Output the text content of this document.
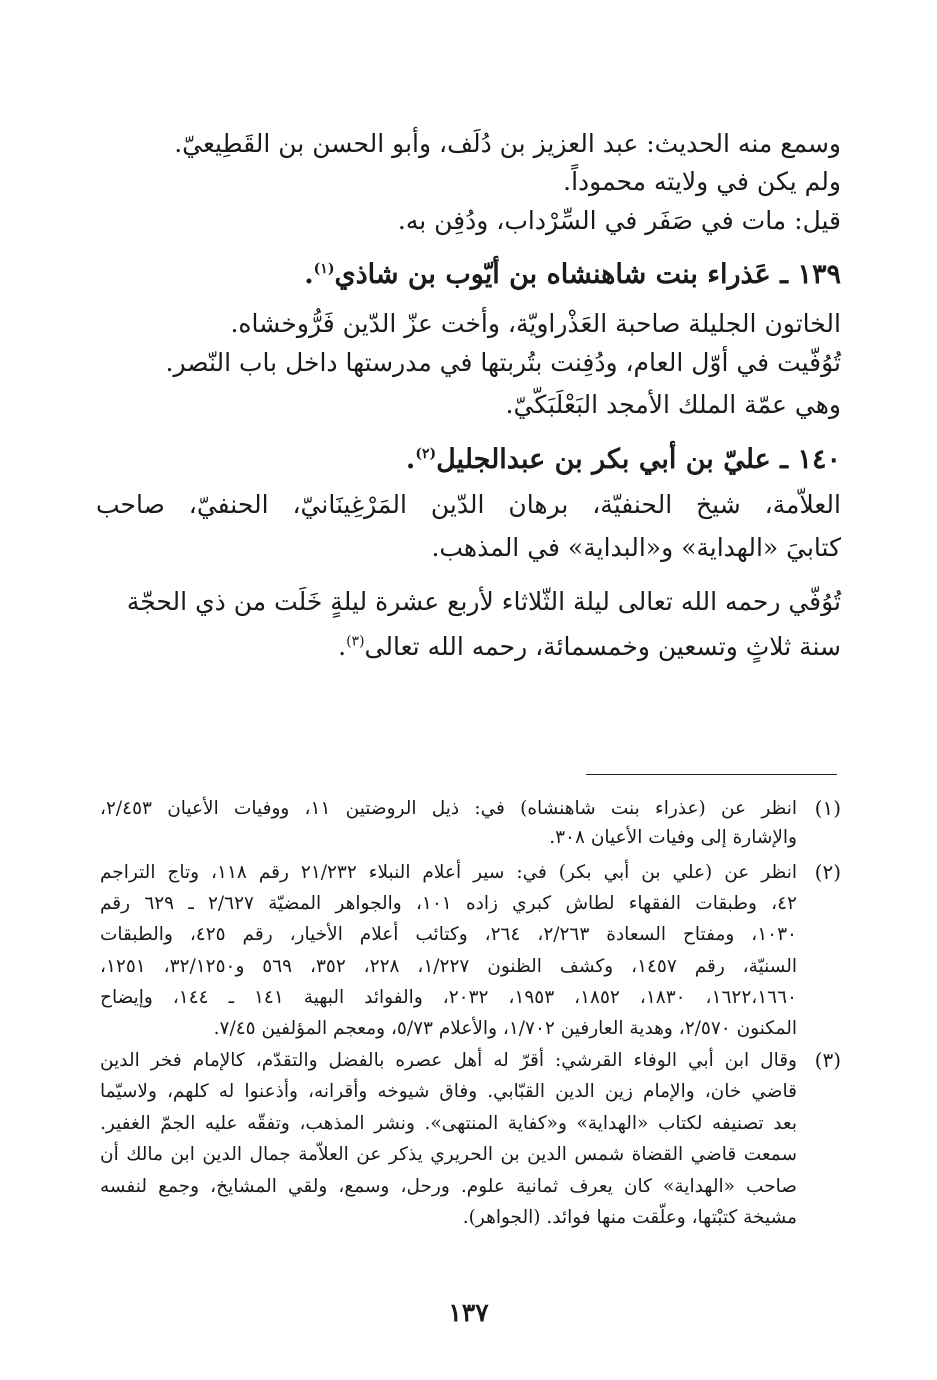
وسمع منه الحديث: عبد العزيز بن دُلَف، وأبو الحسن بن القَطِيعيّ.
ولم يكن في ولايته محموداً.
قيل: مات في صَفَر في السِّرْداب، ودُفِن به.
١٣٩ ـ عَذراء بنت شاهنشاه بن أيّوب بن شاذي$^{(١)}$.
الخاتون الجليلة صاحبة العَذْراويّة، وأخت عزّ الدّين فَرُّوخشاه.
تُوُفّيت في أوّل العام، ودُفِنت بتُربتها في مدرستها داخل باب النّصر.
وهي عمّة الملك الأمجد البَعْلَبَكّيّ.
١٤٠ ـ عليّ بن أبي بكر بن عبدالجليل$^{(٢)}$.
العلاّمة، شيخ الحنفيّة، برهان الدّين المَرْغِينَانيّ، الحنفيّ، صاحب
كتابيَ «الهداية» و«البداية» في المذهب.
تُوُفّي رحمه الله تعالى ليلة الثّلاثاء لأربع عشرة ليلةٍ خَلَت من ذي الحجّة
سنة ثلاثٍ وتسعين وخمسمائة، رحمه الله تعالى$^{(٣)}$.
(١)
انظر عن (عذراء بنت شاهنشاه) في: ذيل الروضتين ١١، ووفيات الأعيان ٢/٤٥٣،
والإشارة إلى وفيات الأعيان ٣٠٨.
(٢)
انظر عن (علي بن أبي بكر) في: سير أعلام النبلاء ٢١/٢٣٢ رقم ١١٨، وتاج التراجم
٤٢، وطبقات الفقهاء لطاش كبري زاده ١٠١، والجواهر المضيّة ٢/٦٢٧ ـ ٦٢٩ رقم
١٠٣٠، ومفتاح السعادة ٢/٢٦٣، ٢٦٤، وكتائب أعلام الأخيار، رقم ٤٢٥، والطبقات
السنيّة، رقم ١٤٥٧، وكشف الظنون ١/٢٢٧، ٢٢٨، ٣٥٢، ٥٦٩ و٣٢/١٢٥٠، ١٢٥١،
١٦٢٢،١٦٦٠، ١٨٣٠، ١٨٥٢، ١٩٥٣، ٢٠٣٢، والفوائد البهية ١٤١ ـ ١٤٤، وإيضاح
المكنون ٢/٥٧٠، وهدية العارفين ١/٧٠٢، والأعلام ٥/٧٣، ومعجم المؤلفين ٧/٤٥.
(٣)
وقال ابن أبي الوفاء القرشي: أقرّ له أهل عصره بالفضل والتقدّم، كالإمام فخر الدين
قاضي خان، والإمام زين الدين القبّابي. وفاق شيوخه وأقرانه، وأذعنوا له كلهم، ولاسيّما
بعد تصنيفه لكتاب «الهداية» و«كفاية المنتهى». ونشر المذهب، وتفقّه عليه الجمّ الغفير.
سمعت قاضي القضاة شمس الدين بن الحريري يذكر عن العلاّمة جمال الدين ابن مالك أن
صاحب «الهداية» كان يعرف ثمانية علوم. ورحل، وسمع، ولقي المشايخ، وجمع لنفسه
مشيخة كتبْتها، وعلّقت منها فوائد. (الجواهر).
١٣٧
